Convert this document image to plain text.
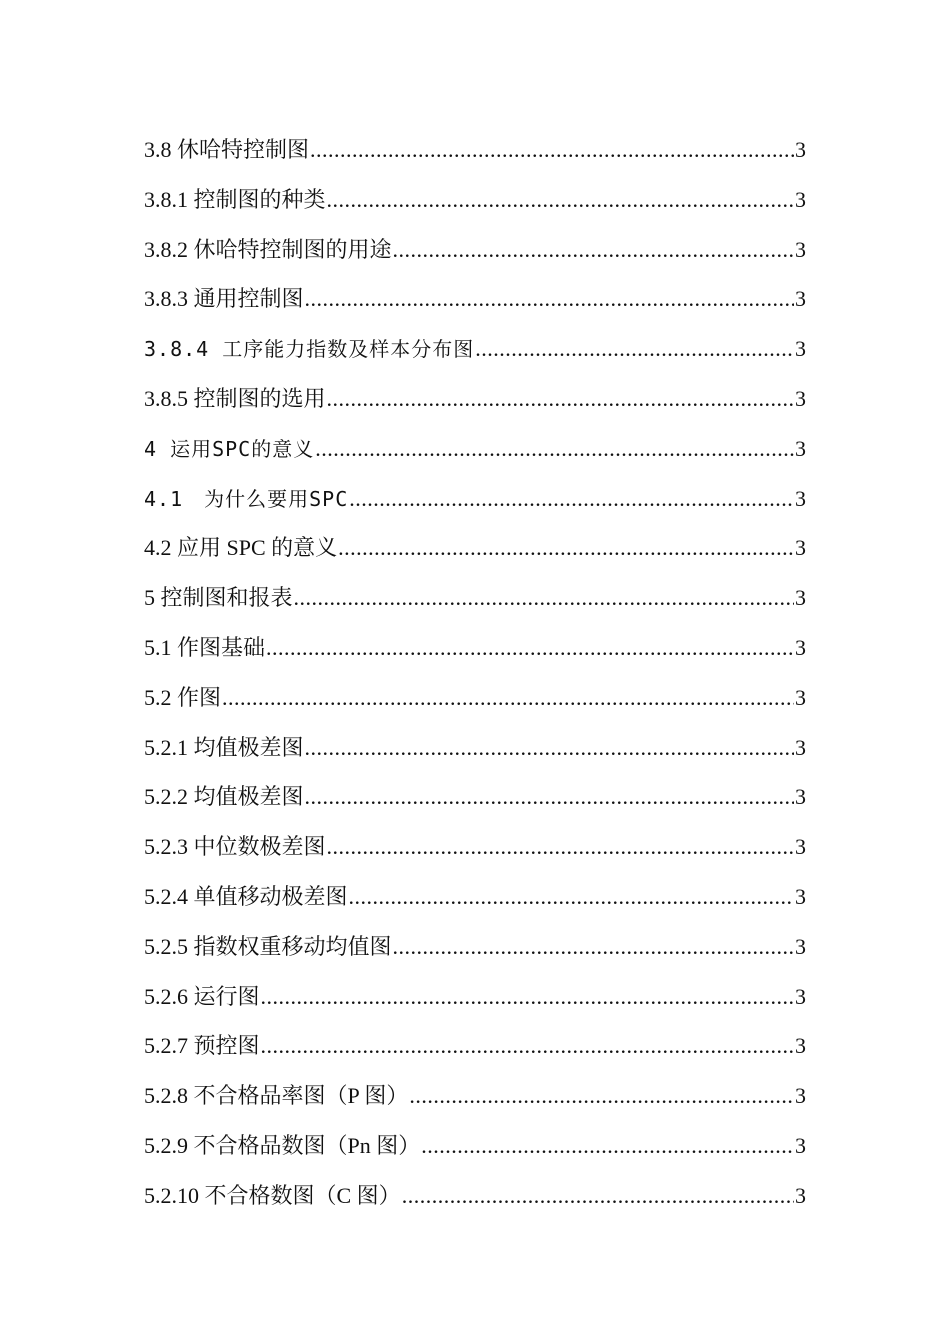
3.8 休哈特控制图 .....	3
3.8.1 控制图的种类 .....	3
3.8.2 休哈特控制图的用途 .....	3
3.8.3 通用控制图 .....	3
3.8.4 工序能力指数及样本分布图 .....	3
3.8.5 控制图的选用 .....	3
4 运用SPC的意义 .....	3
4.1　为什么要用SPC .....	3
4.2 应用 SPC 的意义 .....	3
5 控制图和报表 .....	3
5.1 作图基础 .....	3
5.2 作图 .....	3
5.2.1 均值极差图 .....	3
5.2.2 均值极差图 .....	3
5.2.3 中位数极差图 .....	3
5.2.4 单值移动极差图 .....	3
5.2.5 指数权重移动均值图 .....	3
5.2.6 运行图 .....	3
5.2.7 预控图 .....	3
5.2.8 不合格品率图（P 图） .....	3
5.2.9 不合格品数图（Pn 图） .....	3
5.2.10 不合格数图（C 图） .....	3
